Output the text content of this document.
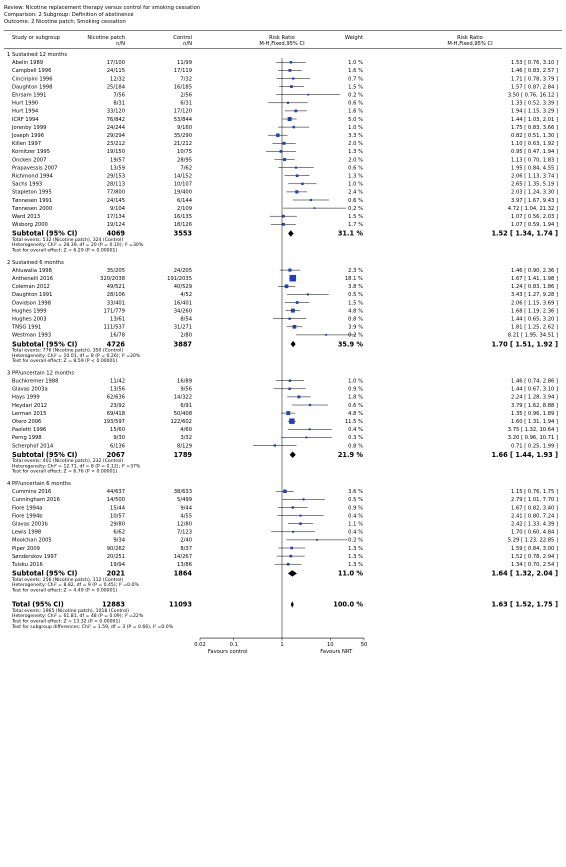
Review: Nicotine replacement therapy versus control for smoking cessation
Comparison: 2 Subgroup: Definition of abstinence
Outcome: 2 Nicotine patch; Smoking cessation
Study or subgroup	Nicotine patch
n/N
Control
n/N
Risk Ratio
M-H,Fixed,95% CI
Weight	Risk Ratio
M-H,Fixed,95% CI
1 Sustained 12 months
Abelin 1989	17/100	11/99	1.0 %	1.53 [ 0.76, 3.10 ]
Campbell 1996	24/115	17/119	1.6 %	1.46 [ 0.83, 2.57 ]
Cinciripini 1996	12/32	7/32	0.7 %	1.71 [ 0.78, 3.79 ]
Daughton 1998	25/184	16/185	1.5 %	1.57 [ 0.87, 2.84 ]
Ehrsam 1991	7/56	2/56	0.2 %	3.50 [ 0.76, 16.12 ]
Hurt 1990	8/31	6/31	0.6 %	1.33 [ 0.52, 3.39 ]
Hurt 1994	33/120	17/120	1.6 %	1.94 [ 1.15, 3.29 ]
ICRF 1994	76/842	53/844	5.0 %	1.44 [ 1.03, 2.01 ]
Jorenby 1999	24/244	9/160	1.0 %	1.75 [ 0.83, 3.66 ]
Joseph 1996	29/294	35/290	3.3 %	0.82 [ 0.51, 1.30 ]
Killen 1997	23/212	21/212	2.0 %	1.10 [ 0.63, 1.92 ]
Kornitzer 1995	19/150	10/75	1.3 %	0.95 [ 0.47, 1.94 ]
Oncken 2007	19/57	28/95	2.0 %	1.13 [ 0.70, 1.83 ]
Prapavessis 2007	13/59	7/62	0.6 %	1.95 [ 0.84, 4.55 ]
Richmond 1994	29/153	14/152	1.3 %	2.06 [ 1.13, 3.74 ]
Sachs 1993	28/113	10/107	1.0 %	2.65 [ 1.35, 5.19 ]
Stapleton 1995	77/800	19/400	2.4 %	2.03 [ 1.24, 3.30 ]
Tønnesen 1991	24/145	6/144	0.6 %	3.97 [ 1.67, 9.43 ]
Tønnesen 2000	9/104	2/109	0.2 %	4.72 [ 1.04, 21.32 ]
Ward 2013	17/134	16/135	1.5 %	1.07 [ 0.56, 2.03 ]
Wisborg 2000	19/124	18/126	1.7 %	1.07 [ 0.59, 1.94 ]
Subtotal (95% CI)	4069	3553	31.1 %	1.52 [ 1.34, 1.74 ]
Total events: 532 (Nicotine patch), 324 (Control)
Heterogeneity: Chi² = 28.39, df = 20 (P = 0.10); I² =30%
Test for overall effect: Z = 6.29 (P < 0.00001)
2 Sustained 6 months
Ahluwalia 1998	35/205	24/205	2.3 %	1.46 [ 0.90, 2.36 ]
Anthenelli 2016	320/2038	191/2035	18.1 %	1.67 [ 1.41, 1.98 ]
Coleman 2012	49/521	40/529	3.8 %	1.24 [ 0.83, 1.86 ]
Daughton 1991	28/106	4/52	0.5 %	3.43 [ 1.27, 9.28 ]
Davidson 1998	33/401	16/401	1.5 %	2.06 [ 1.15, 3.69 ]
Hughes 1999	171/779	34/260	4.8 %	1.68 [ 1.19, 2.36 ]
Hughes 2003	13/61	8/54	0.8 %	1.44 [ 0.65, 3.20 ]
TNSG 1991	111/537	31/271	3.9 %	1.81 [ 1.25, 2.62 ]
Westman 1993	16/78	2/80	0.2 %	8.21 [ 1.95, 34.51 ]
Subtotal (95% CI)	4726	3887	35.9 %	1.70 [ 1.51, 1.92 ]
Total events: 776 (Nicotine patch), 350 (Control)
Heterogeneity: Chi² = 10.01, df = 8 (P = 0.26); I² =20%
Test for overall effect: Z = 8.59 (P < 0.00001)
3 PP/uncertain 12 months
Buchkremer 1988	11/42	16/89	1.0 %	1.46 [ 0.74, 2.86 ]
Glavas 2003a	13/56	9/56	0.9 %	1.44 [ 0.67, 3.10 ]
Hays 1999	62/636	14/322	1.8 %	2.24 [ 1.28, 3.94 ]
Heydari 2012	23/92	6/91	0.6 %	3.79 [ 1.62, 8.88 ]
Lerman 2015	69/418	50/408	4.8 %	1.35 [ 0.96, 1.89 ]
Otero 2006	193/597	122/602	11.5 %	1.60 [ 1.31, 1.94 ]
Paoletti 1996	15/60	4/60	0.4 %	3.75 [ 1.32, 10.64 ]
Perng 1998	9/30	3/32	0.3 %	3.20 [ 0.96, 10.71 ]
Scherphof 2014	6/136	8/129	0.8 %	0.71 [ 0.25, 1.99 ]
Subtotal (95% CI)	2067	1789	21.9 %	1.66 [ 1.44, 1.93 ]
Total events: 401 (Nicotine patch), 232 (Control)
Heterogeneity: Chi² = 12.71, df = 8 (P = 0.12); I² =37%
Test for overall effect: Z = 6.76 (P < 0.00001)
4 PP/uncertain 6 months
Cummins 2016	44/637	38/633	3.6 %	1.15 [ 0.76, 1.75 ]
Cunningham 2016	14/500	5/499	0.5 %	2.79 [ 1.01, 7.70 ]
Fiore 1994a	15/44	9/44	0.9 %	1.67 [ 0.82, 3.40 ]
Fiore 1994b	10/57	4/55	0.4 %	2.41 [ 0.80, 7.24 ]
Glavas 2003b	29/80	12/80	1.1 %	2.42 [ 1.33, 4.39 ]
Lewis 1998	6/62	7/123	0.4 %	1.70 [ 0.60, 4.84 ]
Moolchan 2005	9/34	2/40	0.2 %	5.29 [ 1.23, 22.85 ]
Piper 2009	90/262	8/37	1.3 %	1.59 [ 0.84, 3.00 ]
Sønderskov 1997	20/251	14/267	1.3 %	1.52 [ 0.78, 2.94 ]
Tuisku 2016	19/94	13/86	1.3 %	1.34 [ 0.70, 2.54 ]
Subtotal (95% CI)	2021	1864	11.0 %	1.64 [ 1.32, 2.04 ]
Total events: 256 (Nicotine patch), 112 (Control)
Heterogeneity: Chi² = 8.82, df = 9 (P = 0.45); I² =0.0%
Test for overall effect: Z = 4.49 (P < 0.00001)
Total (95% CI)	12883	11093	100.0 %	1.63 [ 1.52, 1.75 ]
Total events: 1965 (Nicotine patch), 1018 (Control)
Heterogeneity: Chi² = 61.81, df = 48 (P = 0.09); I² =22%
Test for overall effect: Z = 13.32 (P < 0.00001)
Test for subgroup differences: Chi² = 1.59, df = 3 (P = 0.66), I² =0.0%
0.02	0.1	1	10	50
Favours control	Favours NRT
